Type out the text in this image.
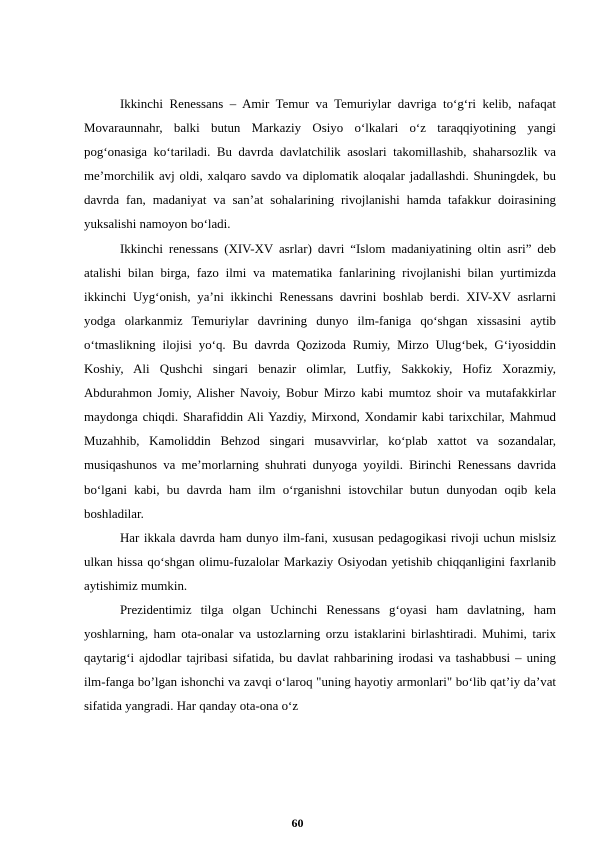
Ikkinchi Renessans – Amir Temur va Temuriylar davriga to‘g‘ri kelib, nafaqat Movaraunnahr, balki butun Markaziy Osiyo o‘lkalari o‘z taraqqiyotining yangi pog‘onasiga ko‘tariladi. Bu davrda davlatchilik asoslari takomillashib, shaharsozlik va me’morchilik avj oldi, xalqaro savdo va diplomatik aloqalar jadallashdi. Shuningdek, bu davrda fan, madaniyat va san’at sohalarining rivojlanishi hamda tafakkur doirasining yuksalishi namoyon bo‘ladi.

Ikkinchi renessans (XIV-XV asrlar) davri “Islom madaniyatining oltin asri” deb atalishi bilan birga, fazo ilmi va matematika fanlarining rivojlanishi bilan yurtimizda ikkinchi Uyg‘onish, ya’ni ikkinchi Renessans davrini boshlab berdi. XIV-XV asrlarni yodga olarkanmiz Temuriylar davrining dunyo ilm-faniga qo‘shgan xissasini aytib o‘tmaslikning ilojisi yo‘q. Bu davrda Qozizoda Rumiy, Mirzo Ulug‘bek, G‘iyosiddin Koshiy, Ali Qushchi singari benazir olimlar, Lutfiy, Sakkokiy, Hofiz Xorazmiy, Abdurahmon Jomiy, Alisher Navoiy, Bobur Mirzo kabi mumtoz shoir va mutafakkirlar maydonga chiqdi. Sharafiddin Ali Yazdiy, Mirxond, Xondamir kabi tarixchilar, Mahmud Muzahhib, Kamoliddin Behzod singari musavvirlar, ko‘plab xattot va sozandalar, musiqashunos va me’morlarning shuhrati dunyoga yoyildi. Birinchi Renessans davrida bo‘lgani kabi, bu davrda ham ilm o‘rganishni istovchilar butun dunyodan oqib kela boshladilar.

Har ikkala davrda ham dunyo ilm-fani, xususan pedagogikasi rivoji uchun mislsiz ulkan hissa qo‘shgan olimu-fuzalolar Markaziy Osiyodan yetishib chiqqanligini faxrlanib aytishimiz mumkin.

Prezidentimiz tilga olgan Uchinchi Renessans g‘oyasi ham davlatning, ham yoshlarning, ham ota-onalar va ustozlarning orzu istaklarini birlashtiradi. Muhimi, tarix qaytarig‘i ajdodlar tajribasi sifatida, bu davlat rahbarining irodasi va tashabbusi – uning ilm-fanga bo’lgan ishonchi va zavqi o‘laroq "uning hayotiy armonlari" bo‘lib qat’iy da’vat sifatida yangradi. Har qanday ota-ona o‘z

60
